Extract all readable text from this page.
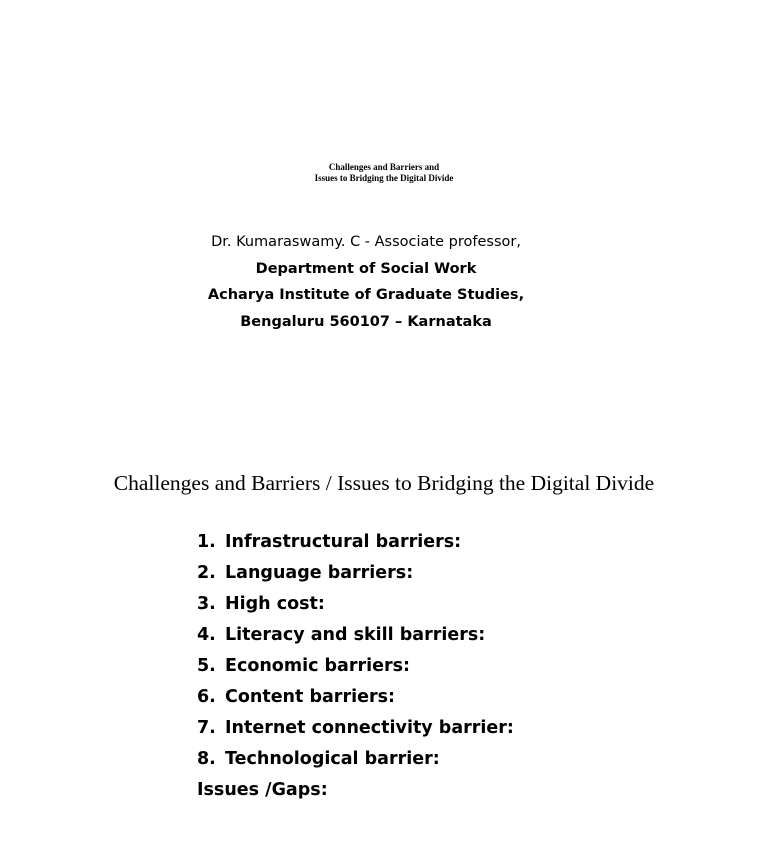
Challenges and Barriers and
Issues to Bridging the Digital Divide
Dr. Kumaraswamy. C - Associate professor,
Department of Social Work
Acharya Institute of Graduate Studies,
Bengaluru 560107 – Karnataka
Challenges and Barriers / Issues to Bridging the Digital Divide
1. Infrastructural barriers:
2. Language barriers:
3. High cost:
4. Literacy and skill barriers:
5. Economic barriers:
6. Content barriers:
7. Internet connectivity barrier:
8. Technological barrier:
Issues /Gaps:
